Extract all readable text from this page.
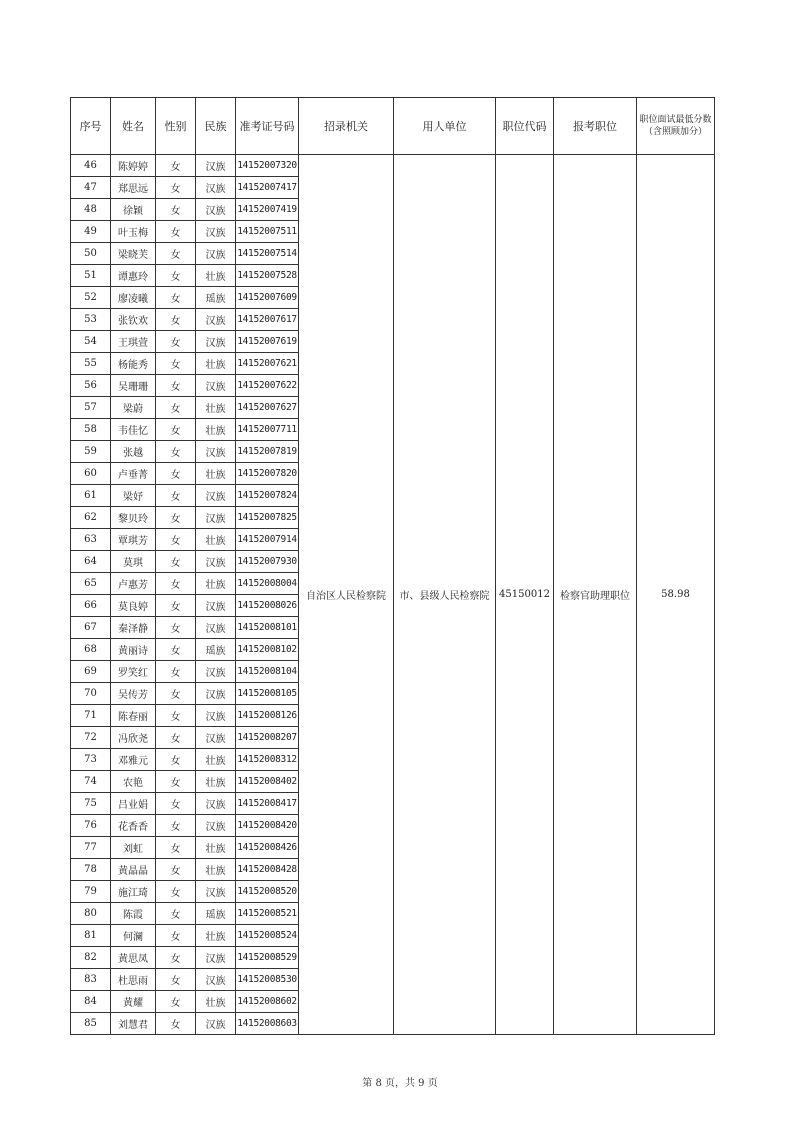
序号	姓名	性别	民族	准考证号码	招录机关	用人单位	职位代码	报考职位	职位面试最低分数（含照顾加分）
46	陈婷婷	女	汉族	14152007320	自治区人民检察院	市、县级人民检察院	45150012	检察官助理职位	58.98

47	郑思远	女	汉族	14152007417					
48	徐颖	女	汉族	14152007419					
49	叶玉梅	女	汉族	14152007511					
50	梁晓芙	女	汉族	14152007514					
51	谭惠玲	女	壮族	14152007528					
52	廖凌曦	女	瑶族	14152007609					
53	张钦欢	女	汉族	14152007617					
54	王琪萱	女	汉族	14152007619					
55	杨能秀	女	壮族	14152007621					
56	吴珊珊	女	汉族	14152007622					
57	梁蔚	女	壮族	14152007627					
58	韦佳忆	女	壮族	14152007711					
59	张越	女	汉族	14152007819					
60	卢垂菁	女	壮族	14152007820					
61	梁妤	女	汉族	14152007824					
62	黎贝玲	女	汉族	14152007825					
63	覃琪芳	女	壮族	14152007914					
64	莫琪	女	汉族	14152007930					
65	卢惠芳	女	壮族	14152008004					
66	莫良婷	女	汉族	14152008026					
67	秦泽静	女	汉族	14152008101					
68	黄丽诗	女	瑶族	14152008102					
69	罗笑红	女	汉族	14152008104					
70	吴传芳	女	汉族	14152008105					
71	陈春丽	女	汉族	14152008126					
72	冯欣尧	女	汉族	14152008207					
73	邓雅元	女	壮族	14152008312					
74	农艳	女	壮族	14152008402					
75	吕业娟	女	汉族	14152008417					
76	花香香	女	汉族	14152008420					
77	刘虹	女	壮族	14152008426					
78	黄晶晶	女	壮族	14152008428					
79	施江琦	女	汉族	14152008520					
80	陈霞	女	瑶族	14152008521					
81	何澜	女	壮族	14152008524					
82	黄思凤	女	汉族	14152008529					
83	杜思雨	女	汉族	14152008530					
84	黄耀	女	壮族	14152008602					
85	刘慧君	女	汉族	14152008603					
第 8 页，共 9 页
